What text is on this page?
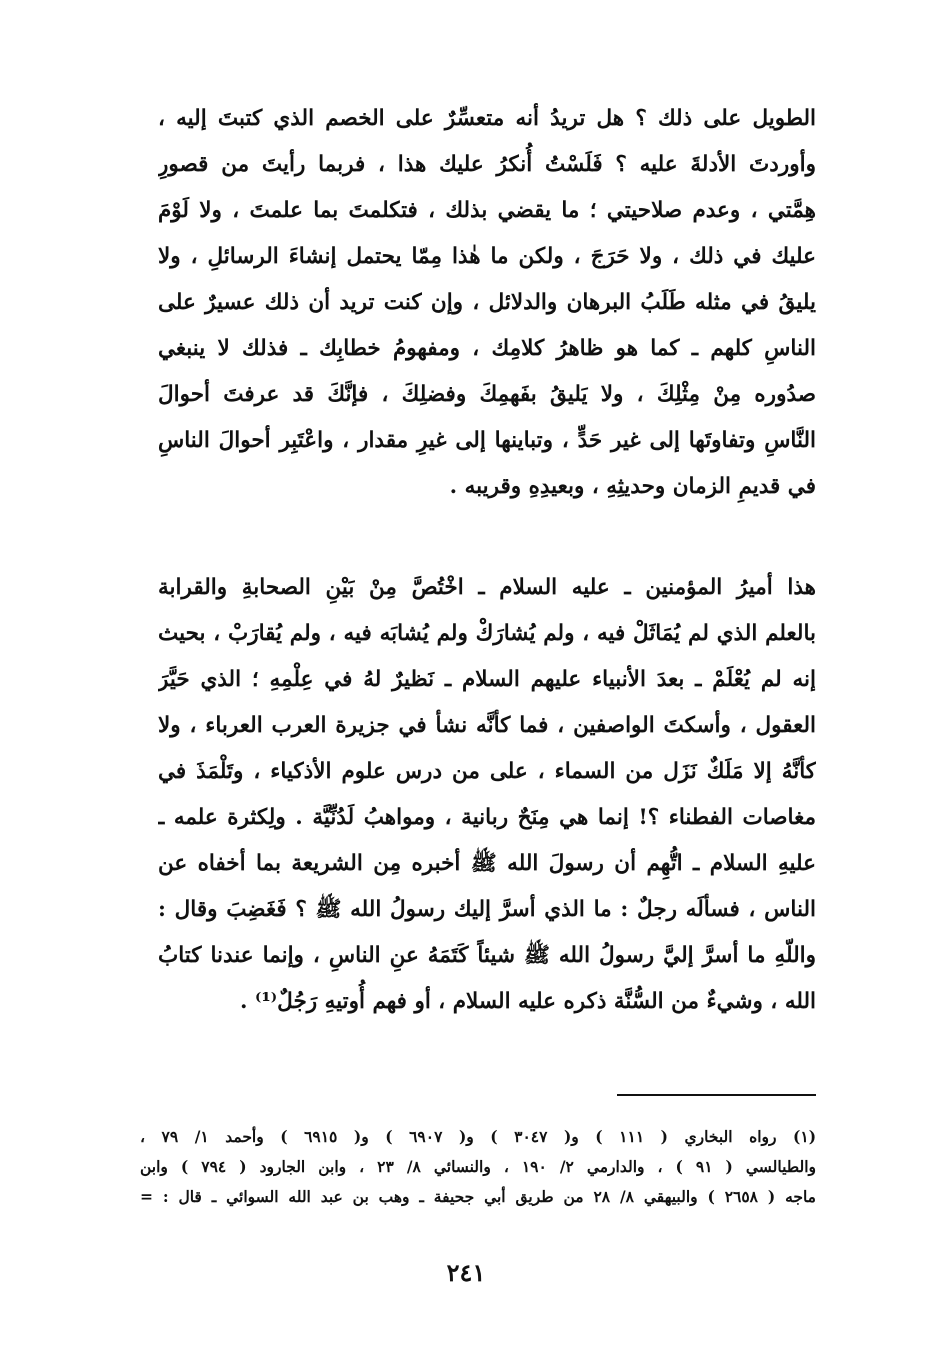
الطويل على ذلك ؟ هل تريدُ أنه متعسِّرٌ على الخصم الذي كتبتَ إليه ،
وأوردتَ الأدلةَ عليه ؟ فَلَسْتُ أُنكرُ عليك هذا ، فربما رأيتَ من قصورِ
هِمَّتي ، وعدم صلاحيتي ؛ ما يقضي بذلك ، فتكلمتَ بما علمتَ ، ولا لَوْمَ
عليك في ذلك ، ولا حَرَجَ ، ولكن ما هٰذا مِمّا يحتمل إنشاءَ الرسائلِ ، ولا
يليقُ في مثله طَلَبُ البرهان والدلائل ، وإن كنت تريد أن ذلك عسيرٌ على
الناسِ كلهم ـ كما هو ظاهرُ كلامِك ، ومفهومُ خطابِك ـ فذلك لا ينبغي
صدُوره مِنْ مِثْلِكَ ، ولا يَليقُ بفَهمِكَ وفضلِكَ ، فإنَّكَ قد عرفتَ أحوالَ
النَّاسِ وتفاوتَها إلى غير حَدٍّ ، وتباينها إلى غيرِ مقدار ، واعْتَبِر أحوالَ الناسِ
في قديمِ الزمان وحديثِهِ ، وبعيدِهِ وقريبه .
هذا أميرُ المؤمنين ـ عليه السلام ـ اخْتُصَّ مِنْ بَيْنِ الصحابةِ والقرابة
بالعلم الذي لم يُمَاثَلْ فيه ، ولم يُشارَكْ ولم يُشابَه فيه ، ولم يُقارَبْ ، بحيث
إنه لم يُعْلَمْ ـ بعدَ الأنبياء عليهم السلام ـ نَظيرٌ لهُ في عِلْمِهِ ؛ الذي حَيَّرَ
العقول ، وأسكتَ الواصفين ، فما كأنَّه نشأ في جزيرة العرب العرباء ، ولا
كأنَّهُ إلا مَلَكٌ نَزَل من السماء ، على من درس علوم الأذكياء ، وتَلْمَذَ في
مغاصات الفطناء ؟! إنما هي مِنَحٌ ربانية ، ومواهبُ لَدُنِّيَّة . ولِكثرة علمه ـ
عليهِ السلام ـ اتُّهِم أن رسولَ الله ﷺ أخبره مِن الشريعة بما أخفاه عن
الناس ، فسألَه رجلٌ : ما الذي أسرَّ إليك رسولُ الله ﷺ ؟ فَغَضِبَ وقال :
واللّهِ ما أسرَّ إليَّ رسولُ الله ﷺ شيئاً كَتَمَهُ عنِ الناسِ ، وإنما عندنا كتابُ
الله ، وشيءٌ من السُّنَّة ذكره عليه السلام ، أو فهم أُوتيهِ رَجُلٌ⁽¹⁾ .
(١) رواه البخاري ( ١١١ ) و( ٣٠٤٧ ) و( ٦٩٠٧ ) و( ٦٩١٥ ) وأحمد ١/ ٧٩ ،
والطيالسي ( ٩١ ) ، والدارمي ٢/ ١٩٠ ، والنسائي ٨/ ٢٣ ، وابن الجارود ( ٧٩٤ ) وابن
ماجه ( ٢٦٥٨ ) والبيهقي ٨/ ٢٨ من طريق أبي جحيفة ـ وهب بن عبد الله السوائي ـ قال : =
٢٤١
